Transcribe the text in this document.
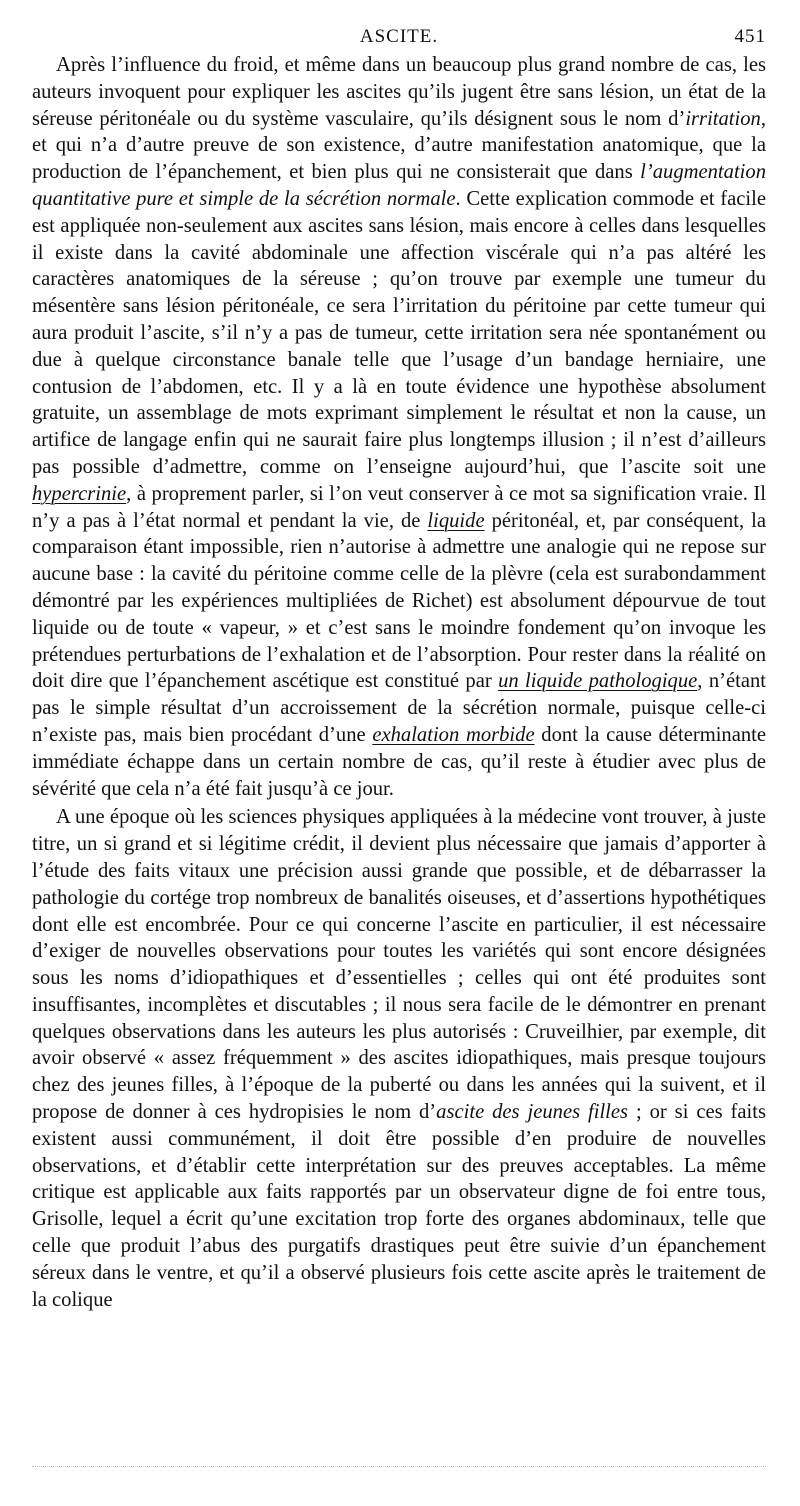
ASCITE.	451

Après l’influence du froid, et même dans un beaucoup plus grand nombre de cas, les auteurs invoquent pour expliquer les ascites qu’ils jugent être sans lésion, un état de la séreuse péritonéale ou du système vasculaire, qu’ils désignent sous le nom d’irritation, et qui n’a d’autre preuve de son existence, d’autre manifestation anatomique, que la production de l’épanchement, et bien plus qui ne consisterait que dans l’augmentation quantitative pure et simple de la sécrétion normale. Cette explication commode et facile est appliquée non-seulement aux ascites sans lésion, mais encore à celles dans lesquelles il existe dans la cavité abdominale une affection viscérale qui n’a pas altéré les caractères anatomiques de la séreuse ; qu’on trouve par exemple une tumeur du mésentère sans lésion péritonéale, ce sera l’irritation du péritoine par cette tumeur qui aura produit l’ascite, s’il n’y a pas de tumeur, cette irritation sera née spontanément ou due à quelque circonstance banale telle que l’usage d’un bandage herniaire, une contusion de l’abdomen, etc. Il y a là en toute évidence une hypothèse absolument gratuite, un assemblage de mots exprimant simplement le résultat et non la cause, un artifice de langage enfin qui ne saurait faire plus longtemps illusion ; il n’est d’ailleurs pas possible d’admettre, comme on l’enseigne aujourd’hui, que l’ascite soit une hypercrinie, à proprement parler, si l’on veut conserver à ce mot sa signification vraie. Il n’y a pas à l’état normal et pendant la vie, de liquide péritonéal, et, par conséquent, la comparaison étant impossible, rien n’autorise à admettre une analogie qui ne repose sur aucune base : la cavité du péritoine comme celle de la plèvre (cela est surabondamment démontré par les expériences multipliées de Richet) est absolument dépourvue de tout liquide ou de toute « vapeur, » et c’est sans le moindre fondement qu’on invoque les prétendues perturbations de l’exhalation et de l’absorption. Pour rester dans la réalité on doit dire que l’épanchement ascétique est constitué par un liquide pathologique, n’étant pas le simple résultat d’un accroissement de la sécrétion normale, puisque celle-ci n’existe pas, mais bien procédant d’une exhalation morbide dont la cause déterminante immédiate échappe dans un certain nombre de cas, qu’il reste à étudier avec plus de sévérité que cela n’a été fait jusqu’à ce jour.

A une époque où les sciences physiques appliquées à la médecine vont trouver, à juste titre, un si grand et si légitime crédit, il devient plus nécessaire que jamais d’apporter à l’étude des faits vitaux une précision aussi grande que possible, et de débarrasser la pathologie du cortége trop nombreux de banalités oiseuses, et d’assertions hypothétiques dont elle est encombrée. Pour ce qui concerne l’ascite en particulier, il est nécessaire d’exiger de nouvelles observations pour toutes les variétés qui sont encore désignées sous les noms d’idiopathiques et d’essentielles ; celles qui ont été produites sont insuffisantes, incomplètes et discutables ; il nous sera facile de le démontrer en prenant quelques observations dans les auteurs les plus autorisés : Cruveilhier, par exemple, dit avoir observé « assez fréquemment » des ascites idiopathiques, mais presque toujours chez des jeunes filles, à l’époque de la puberté ou dans les années qui la suivent, et il propose de donner à ces hydropisies le nom d’ascite des jeunes filles ; or si ces faits existent aussi communément, il doit être possible d’en produire de nouvelles observations, et d’établir cette interprétation sur des preuves acceptables. La même critique est applicable aux faits rapportés par un observateur digne de foi entre tous, Grisolle, lequel a écrit qu’une excitation trop forte des organes abdominaux, telle que celle que produit l’abus des purgatifs drastiques peut être suivie d’un épanchement séreux dans le ventre, et qu’il a observé plusieurs fois cette ascite après le traitement de la colique
